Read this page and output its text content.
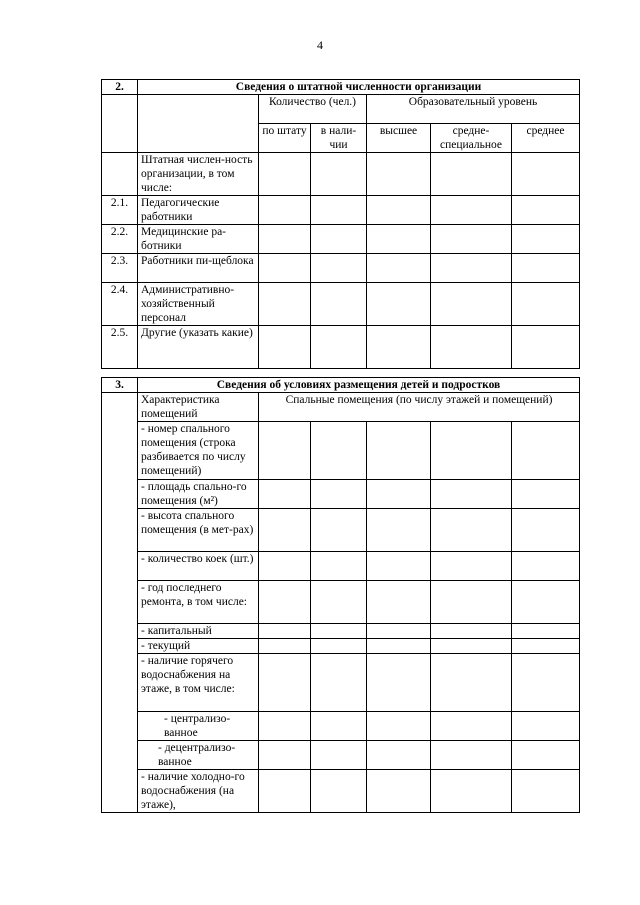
4
2.	Сведения о штатной численности организации					
		Количество (чел.)		Образовательный уровень		
		по штату	в нали-чии	высшее	средне-специальное	среднее
	Штатная числен-ность организации, в том числе:					
2.1.	Педагогические работники					
2.2.	Медицинские ра-ботники					
2.3.	Работники пи-щеблока					
2.4.	Административно-хозяйственный персонал					
2.5.	Другие (указать какие)					

3.	Сведения об условиях размещения детей и подростков					
	Характеристика помещений	Спальные помещения (по числу этажей и помещений)				
	- номер спального помещения (строка разбивается по числу помещений)					
	- площадь спально-го помещения (м²)					
	- высота спального помещения (в мет-рах)					
	- количество коек (шт.)					
	- год последнего ремонта, в том числе:					
	- капитальный					
	- текущий					
	- наличие горячего водоснабжения на этаже, в том числе:					
	- централизо-ванное					
	- децентрализо-ванное					
	- наличие холодно-го водоснабжения (на этаже),					
